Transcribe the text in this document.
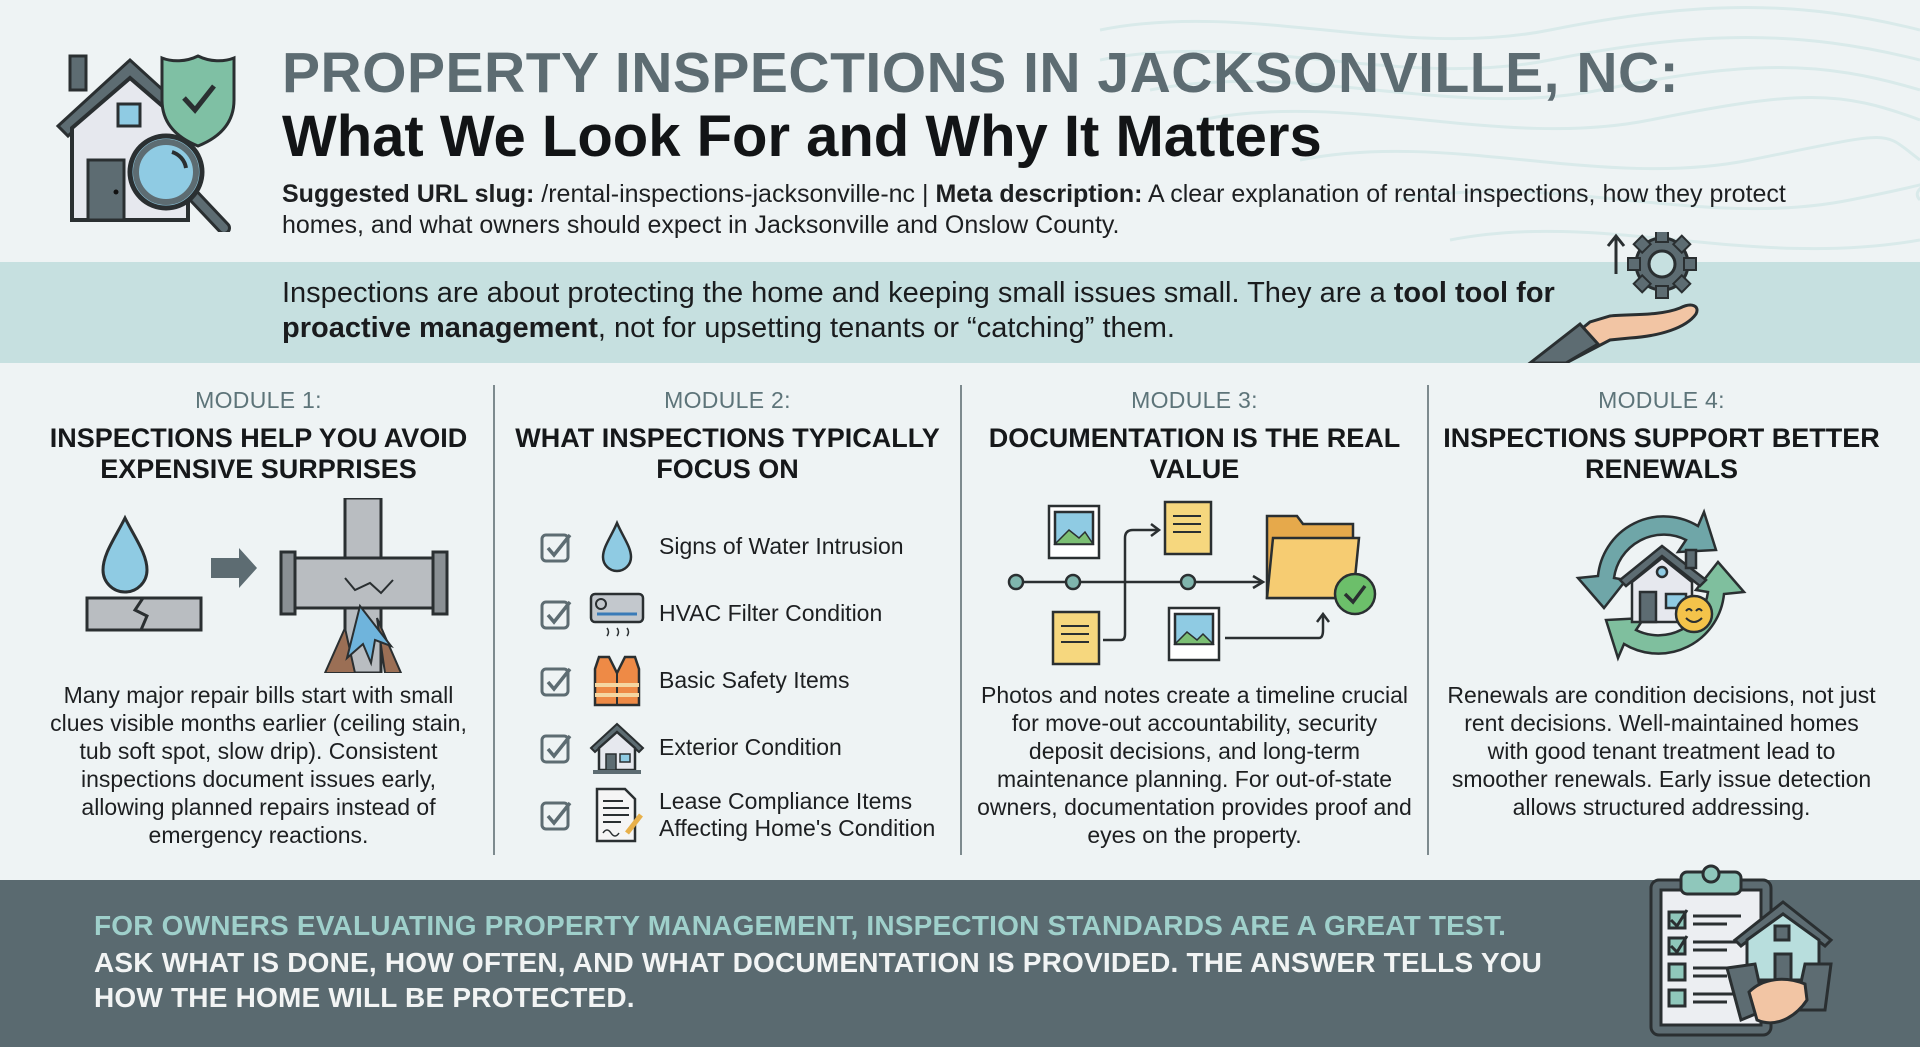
PROPERTY INSPECTIONS IN JACKSONVILLE, NC:
What We Look For and Why It Matters

Suggested URL slug: /rental-inspections-jacksonville-nc | Meta description: A clear explanation of rental inspections, how they protect homes, and what owners should expect in Jacksonville and Onslow County.

Inspections are about protecting the home and keeping small issues small. They are a tool tool for proactive management, not for upsetting tenants or “catching” them.

MODULE 1:
INSPECTIONS HELP YOU AVOID EXPENSIVE SURPRISES

Many major repair bills start with small clues visible months earlier (ceiling stain, tub soft spot, slow drip). Consistent inspections document issues early, allowing planned repairs instead of emergency reactions.

MODULE 2:
WHAT INSPECTIONS TYPICALLY FOCUS ON
Signs of Water Intrusion
HVAC Filter Condition
Basic Safety Items
Exterior Condition
Lease Compliance Items Affecting Home's Condition
MODULE 3:
DOCUMENTATION IS THE REAL VALUE

Photos and notes create a timeline crucial for move-out accountability, security deposit decisions, and long-term maintenance planning. For out-of-state owners, documentation provides proof and eyes on the property.

MODULE 4:
INSPECTIONS SUPPORT BETTER RENEWALS

Renewals are condition decisions, not just rent decisions. Well-maintained homes with good tenant treatment lead to smoother renewals. Early issue detection allows structured addressing.

FOR OWNERS EVALUATING PROPERTY MANAGEMENT, INSPECTION STANDARDS ARE A GREAT TEST.
ASK WHAT IS DONE, HOW OFTEN, AND WHAT DOCUMENTATION IS PROVIDED. THE ANSWER TELLS YOU HOW THE HOME WILL BE PROTECTED.
